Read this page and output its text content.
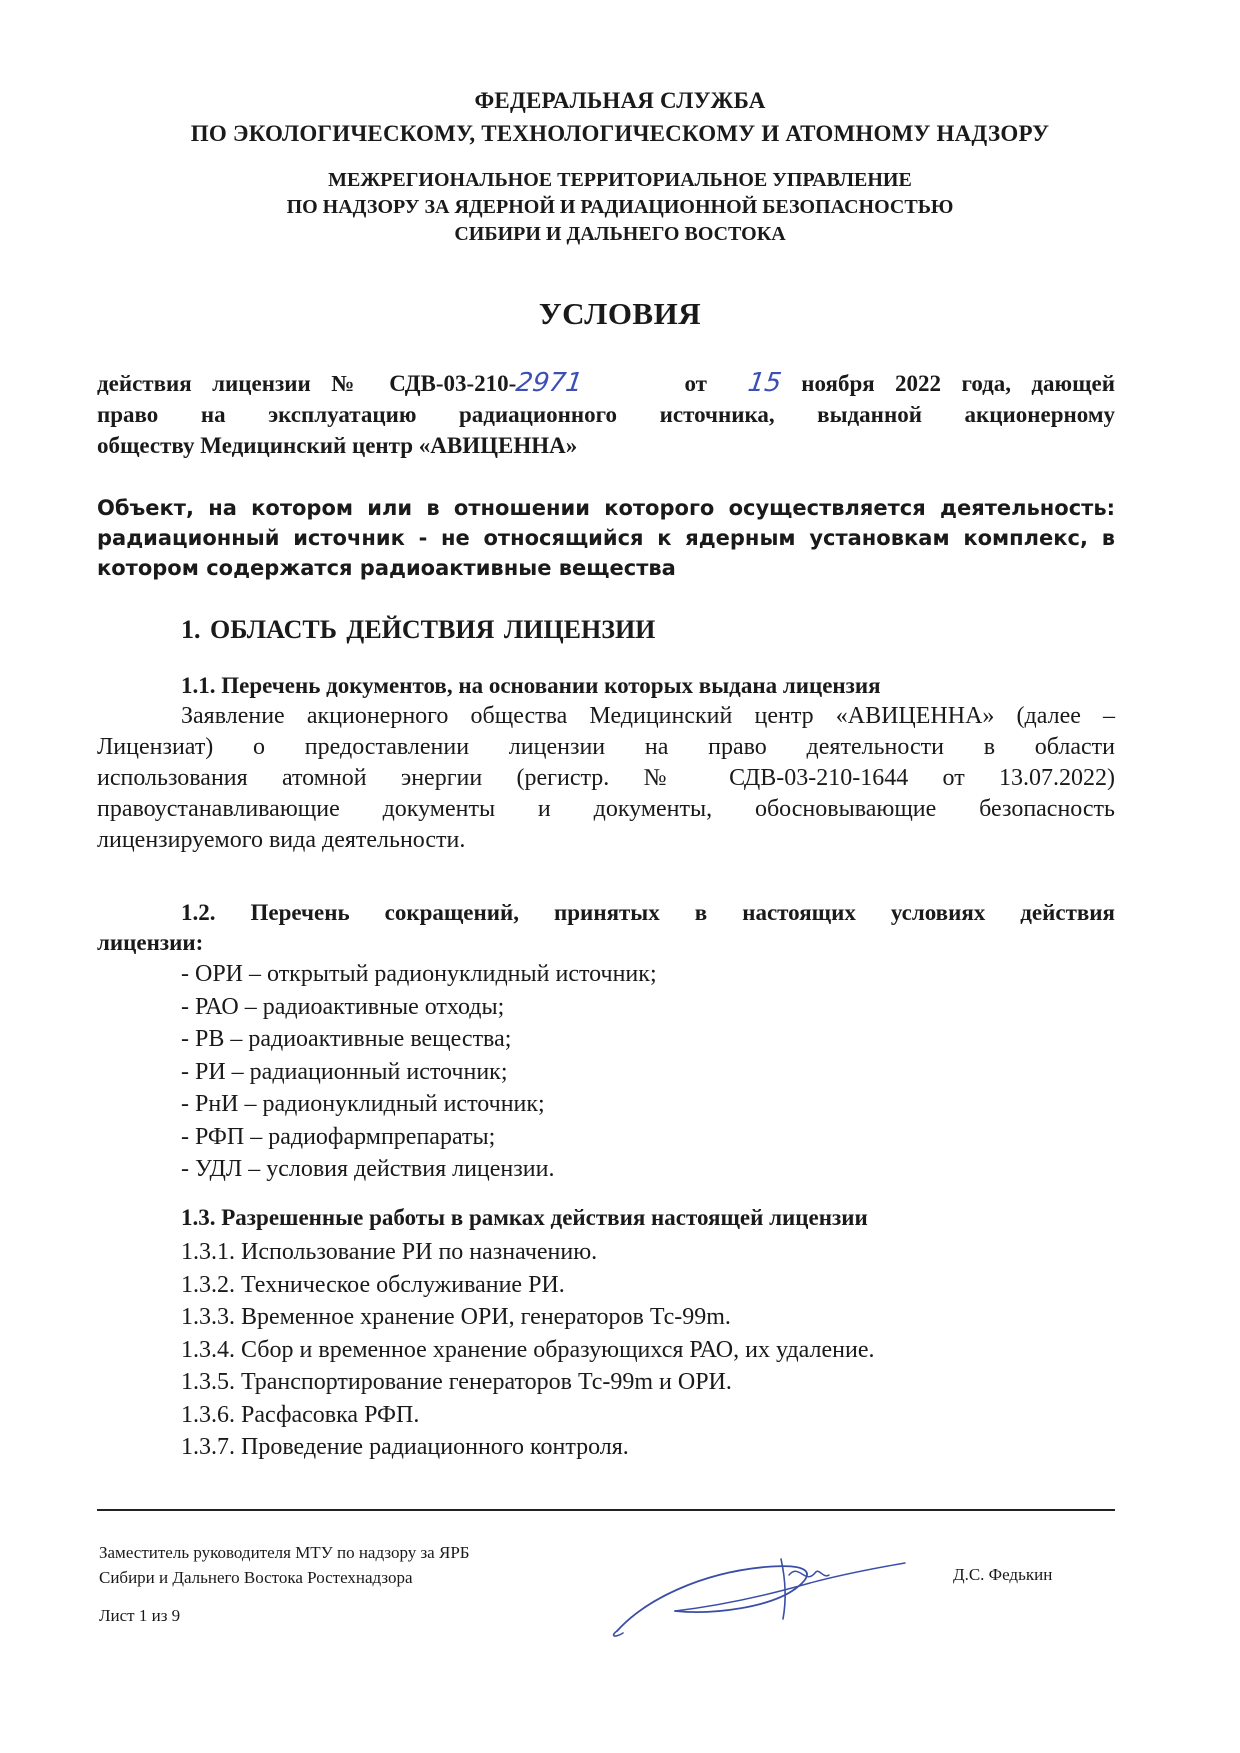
ФЕДЕРАЛЬНАЯ СЛУЖБА
ПО ЭКОЛОГИЧЕСКОМУ, ТЕХНОЛОГИЧЕСКОМУ И АТОМНОМУ НАДЗОРУ
МЕЖРЕГИОНАЛЬНОЕ ТЕРРИТОРИАЛЬНОЕ УПРАВЛЕНИЕ
ПО НАДЗОРУ ЗА ЯДЕРНОЙ И РАДИАЦИОННОЙ БЕЗОПАСНОСТЬЮ
СИБИРИ И ДАЛЬНЕГО ВОСТОКА
УСЛОВИЯ
действия лицензии № СДВ-03-210-2971	от 15 ноября 2022 года, дающей
право на эксплуатацию радиационного источника, выданной акционерному
обществу Медицинский центр «АВИЦЕННА»
Объект, на котором или в отношении которого осуществляется деятельность:
радиационный источник - не относящийся к ядерным установкам комплекс, в
котором содержатся радиоактивные вещества
1. ОБЛАСТЬ ДЕЙСТВИЯ ЛИЦЕНЗИИ
1.1. Перечень документов, на основании которых выдана лицензия
Заявление акционерного общества Медицинский центр «АВИЦЕННА» (далее –
Лицензиат) о предоставлении лицензии на право деятельности в области
использования атомной энергии (регистр. № СДВ-03-210-1644 от 13.07.2022)
правоустанавливающие документы и документы, обосновывающие безопасность
лицензируемого вида деятельности.
1.2. Перечень сокращений, принятых в настоящих условиях действия
лицензии:
- ОРИ – открытый радионуклидный источник;
- РАО – радиоактивные отходы;
- РВ – радиоактивные вещества;
- РИ – радиационный источник;
- РнИ – радионуклидный источник;
- РФП – радиофармпрепараты;
- УДЛ – условия действия лицензии.
1.3. Разрешенные работы в рамках действия настоящей лицензии
1.3.1. Использование РИ по назначению.
1.3.2. Техническое обслуживание РИ.
1.3.3. Временное хранение ОРИ, генераторов Тс-99m.
1.3.4. Сбор и временное хранение образующихся РАО, их удаление.
1.3.5. Транспортирование генераторов Тс-99m и ОРИ.
1.3.6. Расфасовка РФП.
1.3.7. Проведение радиационного контроля.
Заместитель руководителя МТУ по надзору за ЯРБ
Сибири и Дальнего Востока Ростехнадзора	Д.С. Федькин
Лист 1 из 9
